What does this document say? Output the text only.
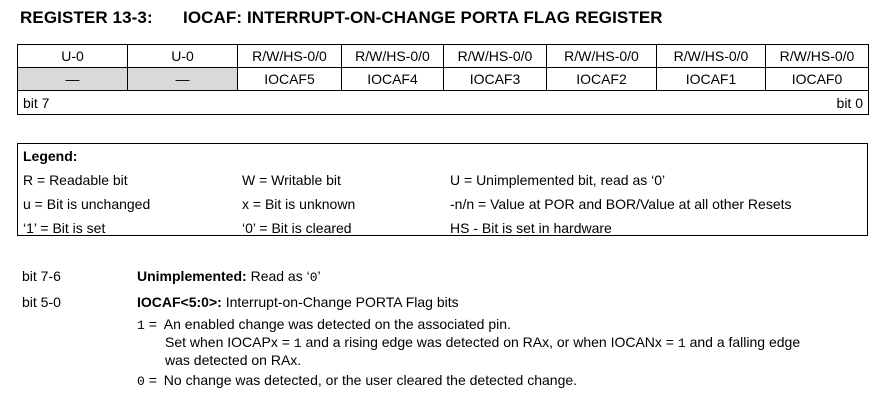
REGISTER 13-3: IOCAF: INTERRUPT-ON-CHANGE PORTA FLAG REGISTER
U-0	U-0	R/W/HS-0/0	R/W/HS-0/0	R/W/HS-0/0	R/W/HS-0/0	R/W/HS-0/0	R/W/HS-0/0
—	—	IOCAF5	IOCAF4	IOCAF3	IOCAF2	IOCAF1	IOCAF0

bit 7 bit 0							
Legend:
R = Readable bit	W = Writable bit	U = Unimplemented bit, read as ‘0’
u = Bit is unchanged	x = Bit is unknown	-n/n = Value at POR and BOR/Value at all other Resets
‘1’ = Bit is set	‘0’ = Bit is cleared	HS - Bit is set in hardware
bit 7-6	Unimplemented: Read as ‘0’
bit 5-0	IOCAF<5:0>: Interrupt-on-Change PORTA Flag bits
1 = An enabled change was detected on the associated pin.
Set when IOCAPx = 1 and a rising edge was detected on RAx, or when IOCANx = 1 and a falling edge
was detected on RAx.
0 = No change was detected, or the user cleared the detected change.
